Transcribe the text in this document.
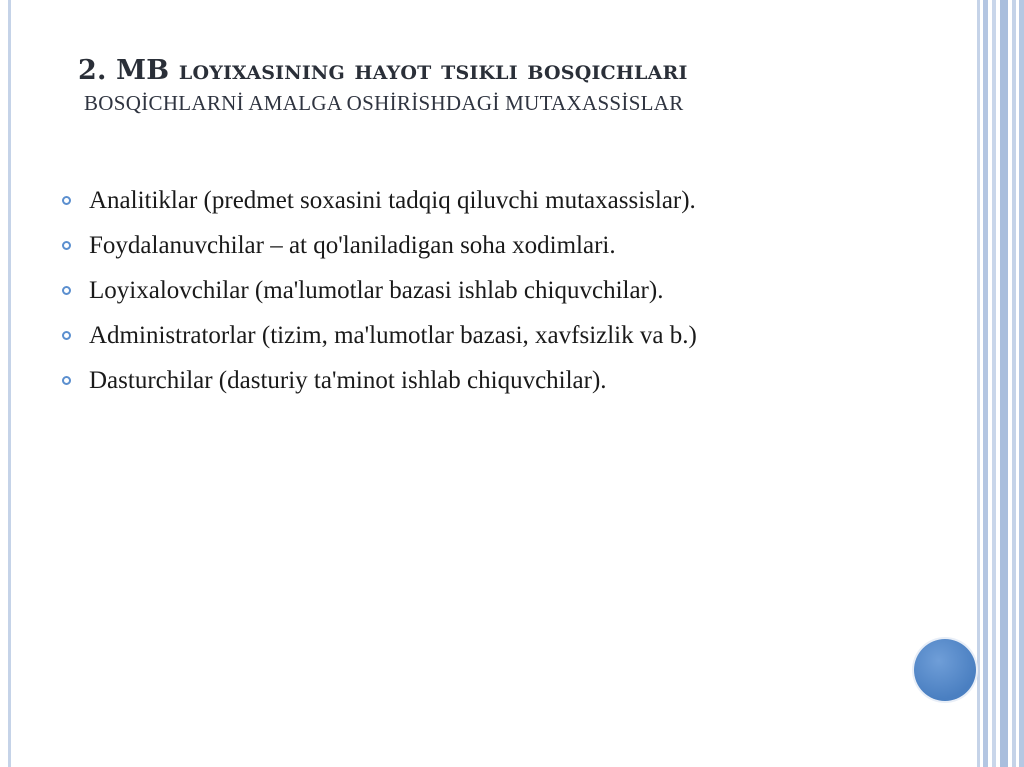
2. MB loyixasining hayot tsikli bosqichlari
BOSQİCHLARNİ AMALGA OSHİRİSHDAGİ MUTAXASSİSLAR
Analitiklar (predmet soxasini tadqiq qiluvchi mutaxassislar).
Foydalanuvchilar – at qo'laniladigan soha xodimlari.
Loyixalovchilar (ma'lumotlar bazasi ishlab chiquvchilar).
Administratorlar (tizim, ma'lumotlar bazasi, xavfsizlik va b.)
Dasturchilar (dasturiy ta'minot ishlab chiquvchilar).
